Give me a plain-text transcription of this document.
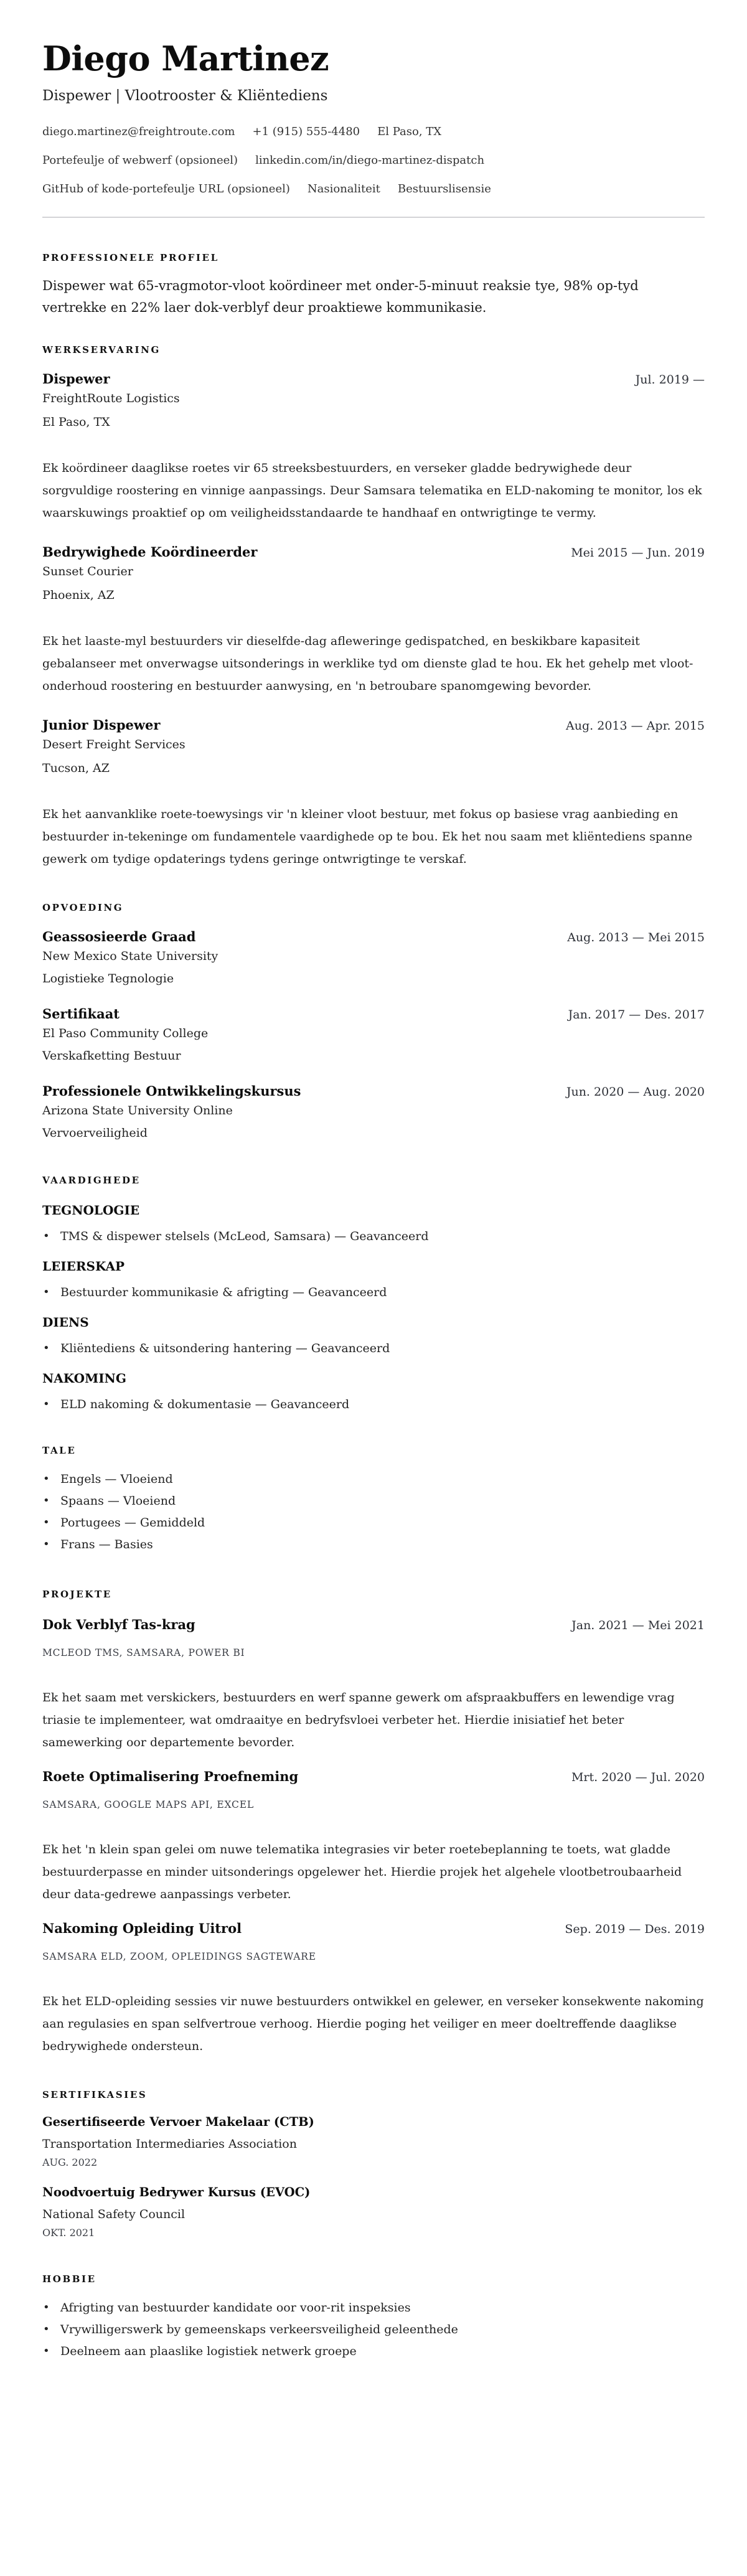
Diego Martinez
Dispewer | Vlootrooster & Kliëntediens
diego.martinez@freightroute.com +1 (915) 555-4480 El Paso, TX
Portefeulje of webwerf (opsioneel) linkedin.com/in/diego-martinez-dispatch
GitHub of kode-portefeulje URL (opsioneel) Nasionaliteit Bestuurslisensie
PROFESSIONELE PROFIEL

Dispewer wat 65-vragmotor-vloot koördineer met onder-5-minuut reaksie tye, 98% op-tyd vertrekke en 22% laer dok-verblyf deur proaktiewe kommunikasie.

WERKSERVARING
Dispewer	Jul. 2019 —
FreightRoute Logistics
El Paso, TX

Ek koördineer daaglikse roetes vir 65 streeksbestuurders, en verseker gladde bedrywighede deur sorgvuldige roostering en vinnige aanpassings. Deur Samsara telematika en ELD-nakoming te monitor, los ek waarskuwings proaktief op om veiligheidsstandaarde te handhaaf en ontwrigtinge te vermy.

Bedrywighede Koördineerder	Mei 2015 — Jun. 2019
Sunset Courier
Phoenix, AZ

Ek het laaste-myl bestuurders vir dieselfde-dag afleweringe gedispatched, en beskikbare kapasiteit gebalanseer met onverwagse uitsonderings in werklike tyd om dienste glad te hou. Ek het gehelp met vloot-onderhoud roostering en bestuurder aanwysing, en 'n betroubare spanomgewing bevorder.

Junior Dispewer	Aug. 2013 — Apr. 2015
Desert Freight Services
Tucson, AZ

Ek het aanvanklike roete-toewysings vir 'n kleiner vloot bestuur, met fokus op basiese vrag aanbieding en bestuurder in-tekeninge om fundamentele vaardighede op te bou. Ek het nou saam met kliëntediens spanne gewerk om tydige opdaterings tydens geringe ontwrigtinge te verskaf.

OPVOEDING
Geassosieerde Graad	Aug. 2013 — Mei 2015
New Mexico State University
Logistieke Tegnologie
Sertifikaat	Jan. 2017 — Des. 2017
El Paso Community College
Verskafketting Bestuur
Professionele Ontwikkelingskursus	Jun. 2020 — Aug. 2020
Arizona State University Online
Vervoerveiligheid
VAARDIGHEDE
TEGNOLOGIE
• TMS & dispewer stelsels (McLeod, Samsara) — Geavanceerd
LEIERSKAP
• Bestuurder kommunikasie & afrigting — Geavanceerd
DIENS
• Kliëntediens & uitsondering hantering — Geavanceerd
NAKOMING
• ELD nakoming & dokumentasie — Geavanceerd
TALE
• Engels — Vloeiend
• Spaans — Vloeiend
• Portugees — Gemiddeld
• Frans — Basies
PROJEKTE
Dok Verblyf Tas-krag	Jan. 2021 — Mei 2021
MCLEOD TMS, SAMSARA, POWER BI

Ek het saam met verskickers, bestuurders en werf spanne gewerk om afspraakbuffers en lewendige vrag triasie te implementeer, wat omdraaitye en bedryfsvloei verbeter het. Hierdie inisiatief het beter samewerking oor departemente bevorder.

Roete Optimalisering Proefneming	Mrt. 2020 — Jul. 2020
SAMSARA, GOOGLE MAPS API, EXCEL

Ek het 'n klein span gelei om nuwe telematika integrasies vir beter roetebeplanning te toets, wat gladde bestuurderpasse en minder uitsonderings opgelewer het. Hierdie projek het algehele vlootbetroubaarheid deur data-gedrewe aanpassings verbeter.

Nakoming Opleiding Uitrol	Sep. 2019 — Des. 2019
SAMSARA ELD, ZOOM, OPLEIDINGS SAGTEWARE

Ek het ELD-opleiding sessies vir nuwe bestuurders ontwikkel en gelewer, en verseker konsekwente nakoming aan regulasies en span selfvertroue verhoog. Hierdie poging het veiliger en meer doeltreffende daaglikse bedrywighede ondersteun.

SERTIFIKASIES
Gesertifiseerde Vervoer Makelaar (CTB)
Transportation Intermediaries Association
AUG. 2022
Noodvoertuig Bedrywer Kursus (EVOC)
National Safety Council
OKT. 2021
HOBBIE
• Afrigting van bestuurder kandidate oor voor-rit inspeksies
• Vrywilligerswerk by gemeenskaps verkeersveiligheid geleenthede
• Deelneem aan plaaslike logistiek netwerk groepe
